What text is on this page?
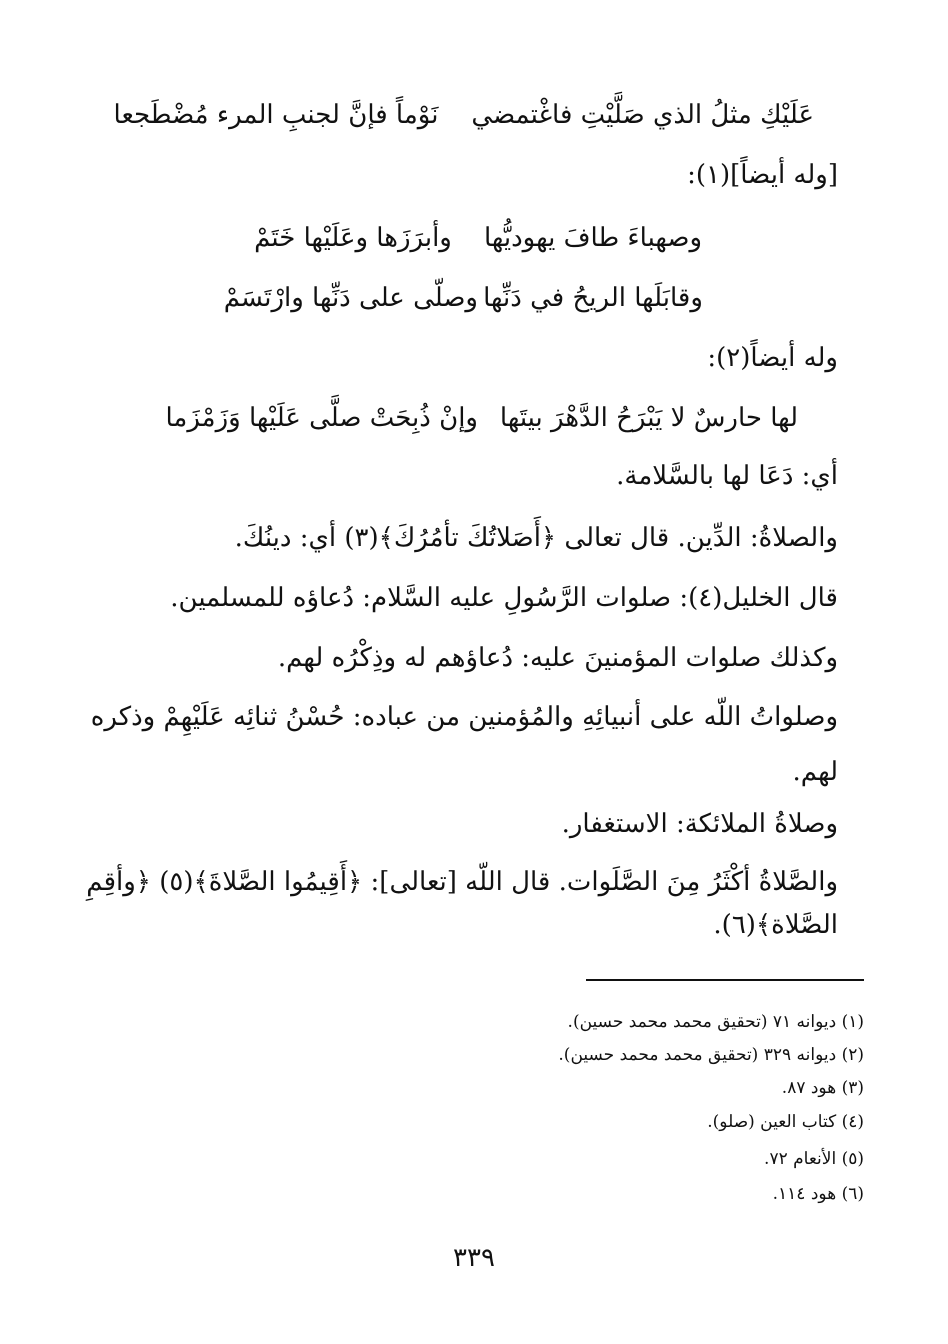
عَلَيْكِ مثلُ الذي صَلَّيْتِ فاغْتمضي
نَوْماً فإنَّ لجنبِ المرء مُضْطَجعا
[وله أيضاً](١):
وصهباءَ طافَ يهوديُّها
وأبرَزَها وعَلَيْها خَتَمْ
وقابَلَها الريحُ في دَنِّها
وصلّى على دَنِّها وارْتَسَمْ
وله أيضاً(٢):
لها حارسٌ لا يَبْرَحُ الدَّهْرَ بيتَها
وإنْ ذُبِحَتْ صلَّى عَلَيْها وَزَمْزَما
أي: دَعَا لها بالسَّلامة.
والصلاةُ: الدِّين. قال تعالى ﴿أَصَلاتُكَ تأمُرُكَ﴾(٣) أي: دينُكَ.
قال الخليل(٤): صلوات الرَّسُولِ عليه السَّلام: دُعاؤه للمسلمين.
وكذلك صلوات المؤمنينَ عليه: دُعاؤهم له وذِكْرُه لهم.
وصلواتُ اللّه على أنبيائِهِ والمُؤمنين من عباده: حُسْنُ ثنائِه عَلَيْهِمْ وذكره
لهم.
وصلاةُ الملائكة: الاستغفار.
والصَّلاةُ أكْثَرُ مِنَ الصَّلَوات. قال اللّه [تعالى]: ﴿أَقِيمُوا الصَّلاةَ﴾(٥) ﴿وأقِمِ
الصَّلاة﴾(٦).
(١) ديوانه ٧١ (تحقيق محمد محمد حسين).
(٢) ديوانه ٣٢٩ (تحقيق محمد محمد حسين).
(٣) هود ٨٧.
(٤) كتاب العين (صلو).
(٥) الأنعام ٧٢.
(٦) هود ١١٤.
٣٣٩
